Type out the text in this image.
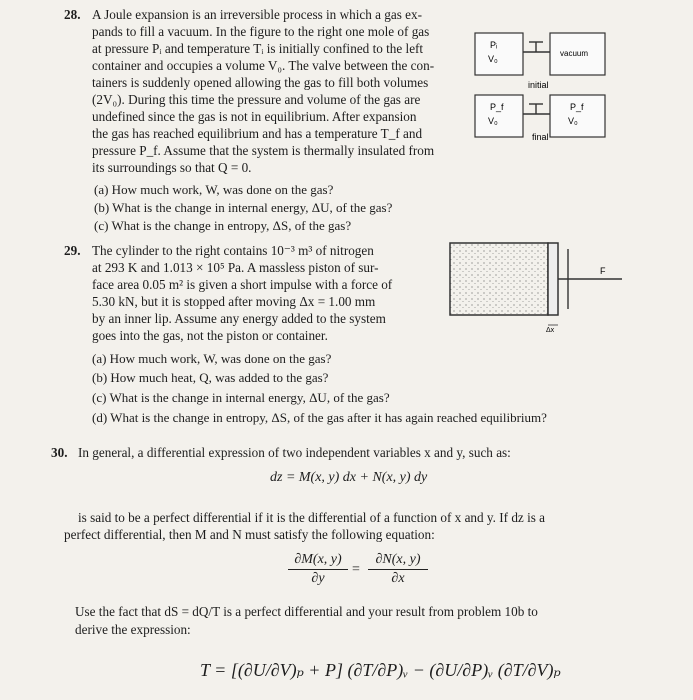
28. A Joule expansion is an irreversible process in which a gas ex-
pands to fill a vacuum. In the figure to the right one mole of gas
at pressure Pᵢ and temperature Tᵢ is initially confined to the left
container and occupies a volume V₀. The valve between the con-
tainers is suddenly opened allowing the gas to fill both volumes
(2V₀). During this time the pressure and volume of the gas are
undefined since the gas is not in equilibrium. After expansion
the gas has reached equilibrium and has a temperature T_f and
pressure P_f. Assume that the system is thermally insulated from
its surroundings so that Q = 0.
(a) How much work, W, was done on the gas?
(b) What is the change in internal energy, ΔU, of the gas?
(c) What is the change in entropy, ΔS, of the gas?
Pᵢ
V₀
vacuum
initial
P_f
V₀
P_f
V₀
final
29. The cylinder to the right contains 10⁻³ m³ of nitrogen
at 293 K and 1.013 × 10⁵ Pa. A massless piston of sur-
face area 0.05 m² is given a short impulse with a force of
5.30 kN, but it is stopped after moving Δx = 1.00 mm
by an inner lip. Assume any energy added to the system
goes into the gas, not the piston or container.
(a) How much work, W, was done on the gas?
(b) How much heat, Q, was added to the gas?
(c) What is the change in internal energy, ΔU, of the gas?
(d) What is the change in entropy, ΔS, of the gas after it has again reached equilibrium?
F
Δx
30. In general, a differential expression of two independent variables x and y, such as:
dz = M(x, y) dx + N(x, y) dy
is said to be a perfect differential if it is the differential of a function of x and y. If dz is a
perfect differential, then M and N must satisfy the following equation:
∂M(x, y)
∂y
=
∂N(x, y)
∂x
Use the fact that dS = dQ/T is a perfect differential and your result from problem 10b to
derive the expression:
T = [(∂U/∂V)ₚ + P] (∂T/∂P)ᵥ − (∂U/∂P)ᵥ (∂T/∂V)ₚ
